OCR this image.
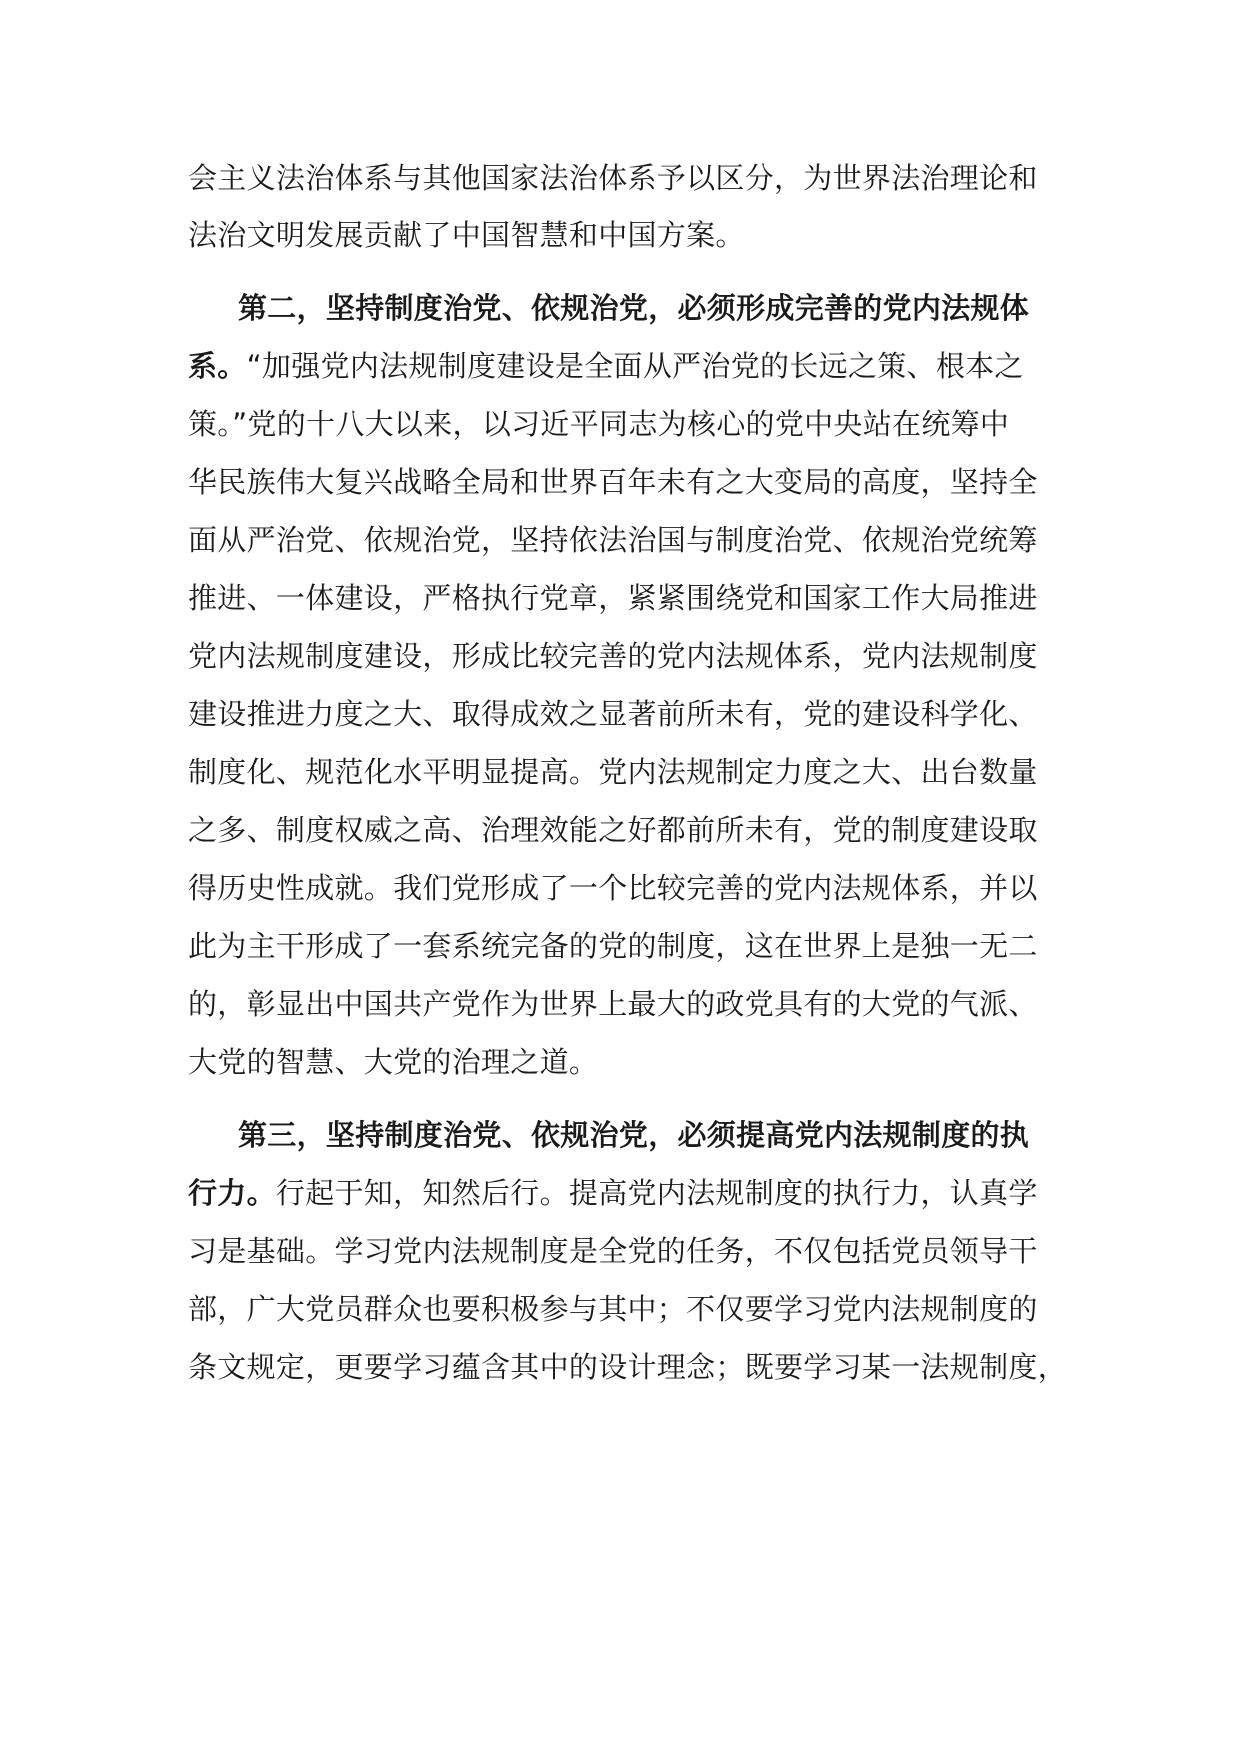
会主义法治体系与其他国家法治体系予以区分，为世界法治理论和
法治文明发展贡献了中国智慧和中国方案。
第二，坚持制度治党、依规治党，必须形成完善的党内法规体
系。“加强党内法规制度建设是全面从严治党的长远之策、根本之
策。”党的十八大以来，以习近平同志为核心的党中央站在统筹中
华民族伟大复兴战略全局和世界百年未有之大变局的高度，坚持全
面从严治党、依规治党，坚持依法治国与制度治党、依规治党统筹
推进、一体建设，严格执行党章，紧紧围绕党和国家工作大局推进
党内法规制度建设，形成比较完善的党内法规体系，党内法规制度
建设推进力度之大、取得成效之显著前所未有，党的建设科学化、
制度化、规范化水平明显提高。党内法规制定力度之大、出台数量
之多、制度权威之高、治理效能之好都前所未有，党的制度建设取
得历史性成就。我们党形成了一个比较完善的党内法规体系，并以
此为主干形成了一套系统完备的党的制度，这在世界上是独一无二
的，彰显出中国共产党作为世界上最大的政党具有的大党的气派、
大党的智慧、大党的治理之道。
第三，坚持制度治党、依规治党，必须提高党内法规制度的执
行力。行起于知，知然后行。提高党内法规制度的执行力，认真学
习是基础。学习党内法规制度是全党的任务，不仅包括党员领导干
部，广大党员群众也要积极参与其中；不仅要学习党内法规制度的
条文规定，更要学习蕴含其中的设计理念；既要学习某一法规制度，
